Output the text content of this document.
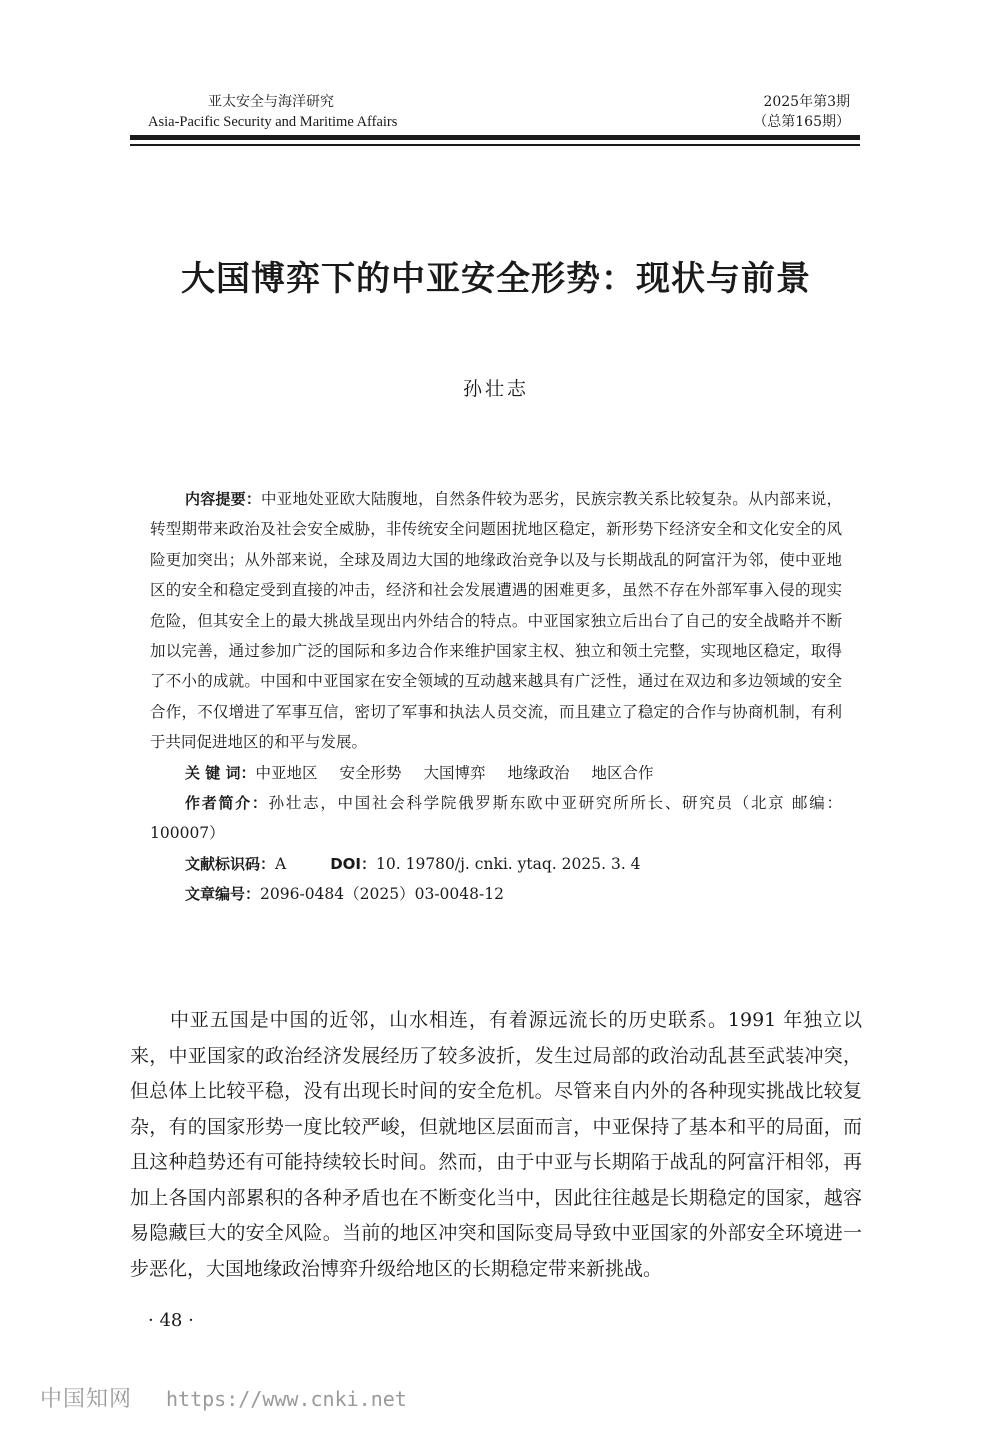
亚太安全与海洋研究
Asia-Pacific Security and Maritime Affairs
2025年第3期
（总第165期）
大国博弈下的中亚安全形势：现状与前景
孙壮志

内容提要：中亚地处亚欧大陆腹地，自然条件较为恶劣，民族宗教关系比较复杂。从内部来说，转型期带来政治及社会安全威胁，非传统安全问题困扰地区稳定，新形势下经济安全和文化安全的风险更加突出；从外部来说，全球及周边大国的地缘政治竞争以及与长期战乱的阿富汗为邻，使中亚地区的安全和稳定受到直接的冲击，经济和社会发展遭遇的困难更多，虽然不存在外部军事入侵的现实危险，但其安全上的最大挑战呈现出内外结合的特点。中亚国家独立后出台了自己的安全战略并不断加以完善，通过参加广泛的国际和多边合作来维护国家主权、独立和领土完整，实现地区稳定，取得了不小的成就。中国和中亚国家在安全领域的互动越来越具有广泛性，通过在双边和多边领域的安全合作，不仅增进了军事互信，密切了军事和执法人员交流，而且建立了稳定的合作与协商机制，有利于共同促进地区的和平与发展。

关 键 词：中亚地区 安全形势 大国博弈 地缘政治 地区合作

作者简介：孙壮志，中国社会科学院俄罗斯东欧中亚研究所所长、研究员（北京 邮编：100007）

文献标识码：A	DOI：10. 19780/j. cnki. ytaq. 2025. 3. 4

文章编号：2096-0484（2025）03-0048-12

中亚五国是中国的近邻，山水相连，有着源远流长的历史联系。1991 年独立以来，中亚国家的政治经济发展经历了较多波折，发生过局部的政治动乱甚至武装冲突，但总体上比较平稳，没有出现长时间的安全危机。尽管来自内外的各种现实挑战比较复杂，有的国家形势一度比较严峻，但就地区层面而言，中亚保持了基本和平的局面，而且这种趋势还有可能持续较长时间。然而，由于中亚与长期陷于战乱的阿富汗相邻，再加上各国内部累积的各种矛盾也在不断变化当中，因此往往越是长期稳定的国家，越容易隐藏巨大的安全风险。当前的地区冲突和国际变局导致中亚国家的外部安全环境进一步恶化，大国地缘政治博弈升级给地区的长期稳定带来新挑战。

· 48 ·
中国知网 https://www.cnki.net
